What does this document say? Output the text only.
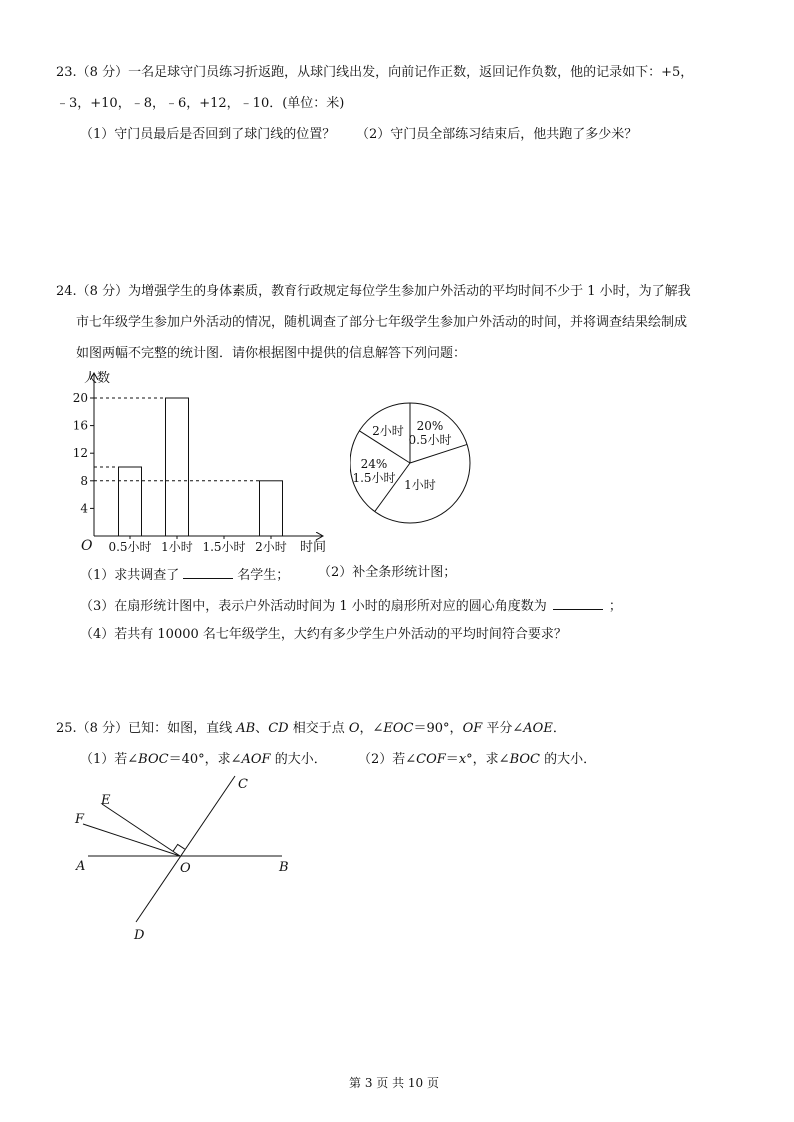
23.（8 分）一名足球守门员练习折返跑，从球门线出发，向前记作正数，返回记作负数，他的记录如下：+5，
﹣3，+10，﹣8，﹣6，+12，﹣10．(单位：米)
（1）守门员最后是否回到了球门线的位置？ （2）守门员全部练习结束后，他共跑了多少米？
24.（8 分）为增强学生的身体素质，教育行政规定每位学生参加户外活动的平均时间不少于 1 小时，为了解我
市七年级学生参加户外活动的情况，随机调查了部分七年级学生参加户外活动的时间，并将调查结果绘制成
如图两幅不完整的统计图．请你根据图中提供的信息解答下列问题：
4
8
12
16
20
0.5小时 1小时 1.5小时 2小时
人数
时间
O
20%
0.5小时
1小时
24%
1.5小时
2小时
（1）求共调查了	名学生； （2）补全条形统计图；
（3）在扇形统计图中，表示户外活动时间为 1 小时的扇形所对应的圆心角度数为	；
（4）若共有 10000 名七年级学生，大约有多少学生户外活动的平均时间符合要求？
25.（8 分）已知：如图，直线 AB、CD 相交于点 O，∠EOC＝90°，OF 平分∠AOE．
（1）若∠BOC＝40°，求∠AOF 的大小． （2）若∠COF＝x°，求∠BOC 的大小．
C
E
F
A	O	B
D
第 3 页 共 10 页
